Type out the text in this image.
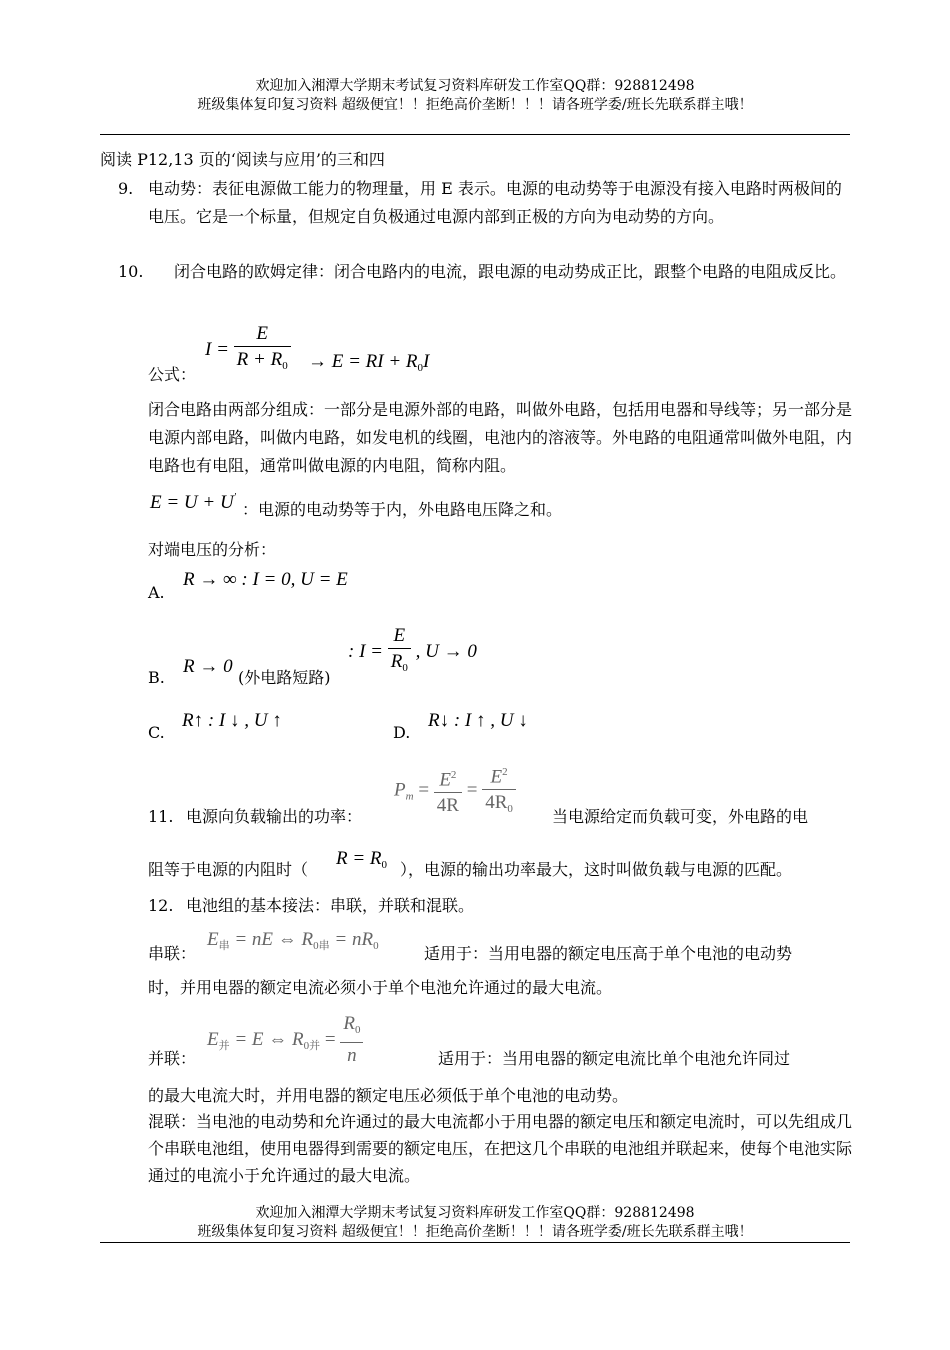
欢迎加入湘潭大学期末考试复习资料库研发工作室QQ群：928812498
班级集体复印复习资料 超级便宜！！拒绝高价垄断！！！请各班学委/班长先联系群主哦！
阅读 P12,13 页的‘阅读与应用’的三和四
9. 电动势：表征电源做工能力的物理量，用 E 表示。电源的电动势等于电源没有接入电路时两极间的电压。它是一个标量，但规定自负极通过电源内部到正极的方向为电动势的方向。
10.	闭合电路的欧姆定律：闭合电路内的电流，跟电源的电动势成正比，跟整个电路的电阻成反比。
公式：
$I = \frac{E}{R + R_0} \to E$ = RI + $R_0I$
闭合电路由两部分组成：一部分是电源外部的电路，叫做外电路，包括用电器和导线等；另一部分是电源内部电路，叫做内电路，如发电机的线圈，电池内的溶液等。外电路的电阻通常叫做外电阻，内电路也有电阻，通常叫做电源的内电阻，简称内阻。
E = U + U'
：电源的电动势等于内，外电路电压降之和。
对端电压的分析：
A.
R → ∞ : I = 0, U = E
B.
R → 0
(外电路短路)
: $I = \frac{E}{R_0}$ , U → 0
C.
R↑ : I ↓ , U ↑
D.
R↓ : I ↑ , U ↓
11. 电源向负载输出的功率：
$P_m = \frac{E^2}{4R} = \frac{E^2}{4R_0}$ 当电源给定而负载可变，外电路的电
阻等于电源的内阻时（
$R = R_0$ ），电源的输出功率最大，这时叫做负载与电源的匹配。
12. 电池组的基本接法：串联，并联和混联。
串联：
$E_串$ = nE ⇔ $R_{0串} = nR_0$	适用于：当用电器的额定电压高于单个电池的电动势
时，并用电器的额定电流必须小于单个电池允许通过的最大电流。
并联：
$E_并 = E$ ⇔ $R_{0并} = \frac{R_0}{n}$	适用于：当用电器的额定电流比单个电池允许同过
的最大电流大时，并用电器的额定电压必须低于单个电池的电动势。
混联：当电池的电动势和允许通过的最大电流都小于用电器的额定电压和额定电流时，可以先组成几个串联电池组，使用电器得到需要的额定电压，在把这几个串联的电池组并联起来，使每个电池实际通过的电流小于允许通过的最大电流。
欢迎加入湘潭大学期末考试复习资料库研发工作室QQ群：928812498
班级集体复印复习资料 超级便宜！！拒绝高价垄断！！！请各班学委/班长先联系群主哦！
